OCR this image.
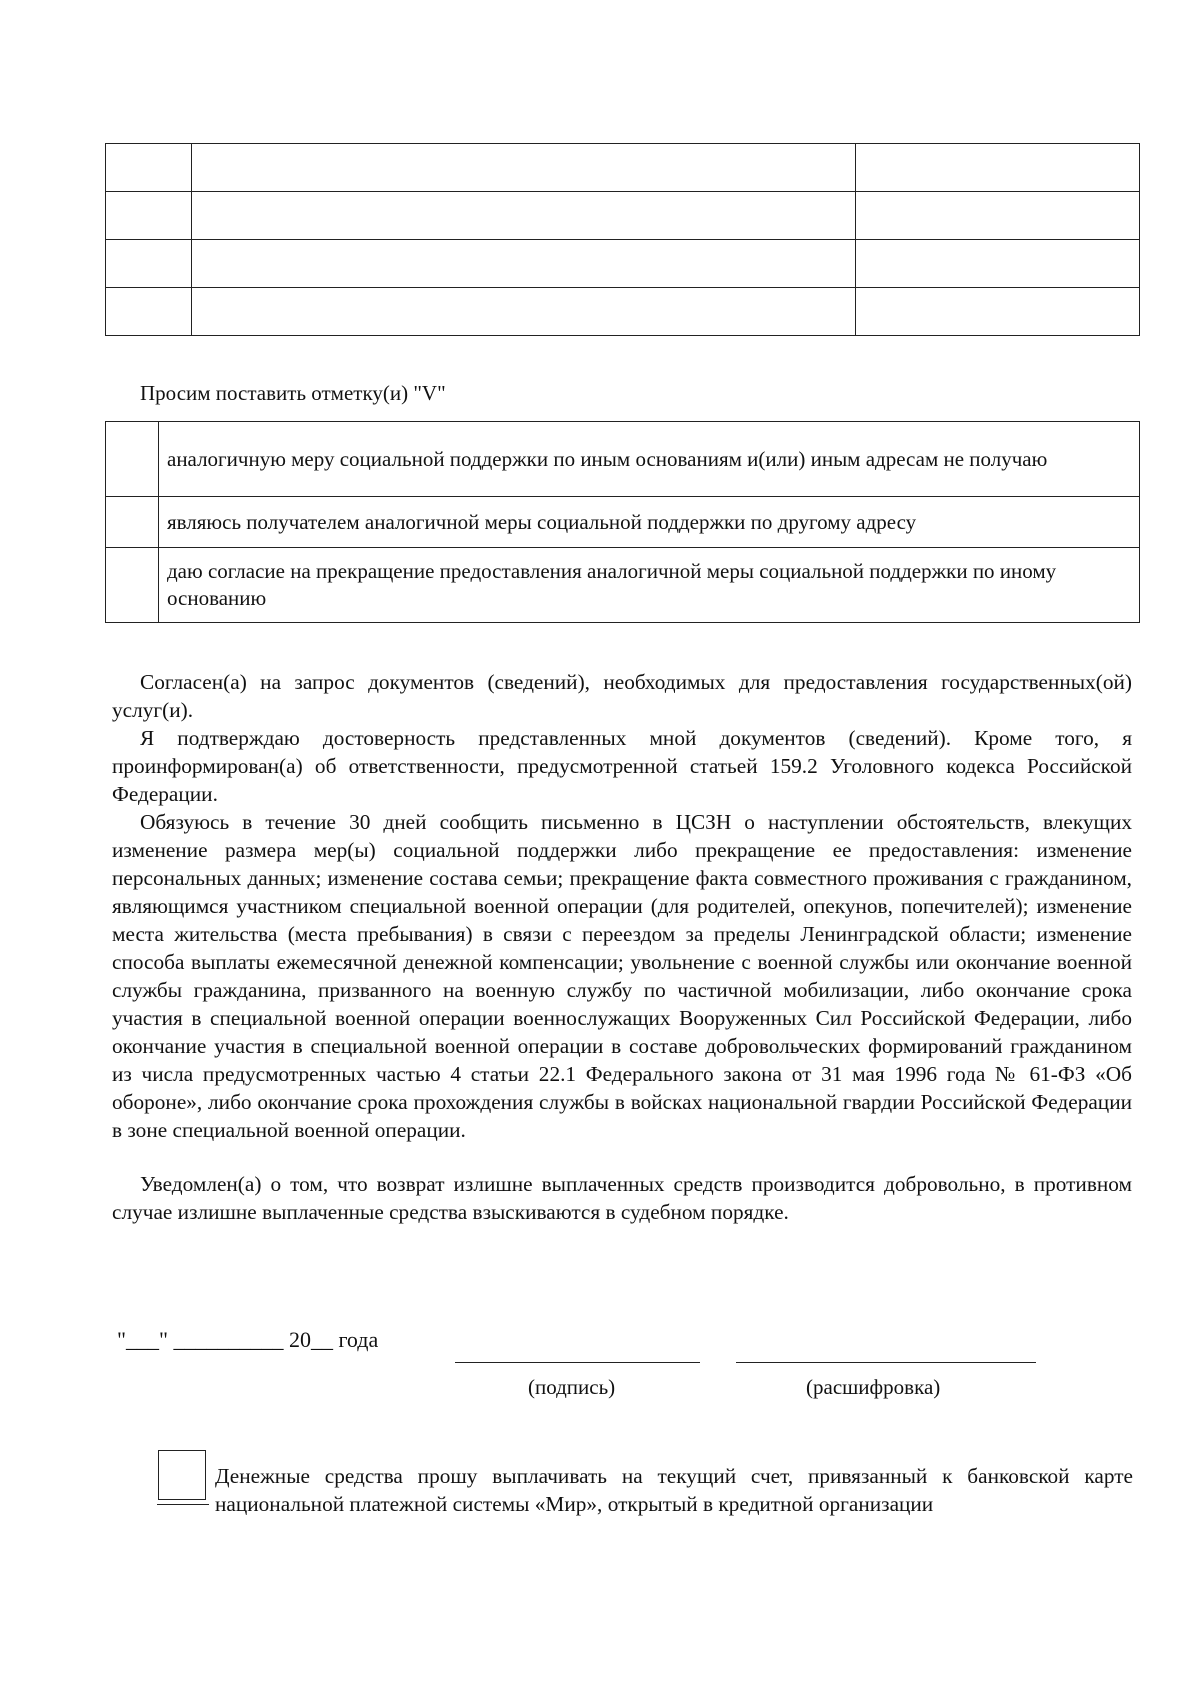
Просим поставить отметку(и) "V"
	аналогичную меру социальной поддержки по иным основаниям и(или) иным адресам не получаю
	являюсь получателем аналогичной меры социальной поддержки по другому адресу
	даю согласие на прекращение предоставления аналогичной меры социальной поддержки по иному основанию

Согласен(а) на запрос документов (сведений), необходимых для предоставления государственных(ой) услуг(и).

Я подтверждаю достоверность представленных мной документов (сведений). Кроме того, я проинформирован(а) об ответственности, предусмотренной статьей 159.2 Уголовного кодекса Российской Федерации.

Обязуюсь в течение 30 дней сообщить письменно в ЦСЗН о наступлении обстоятельств, влекущих изменение размера мер(ы) социальной поддержки либо прекращение ее предоставления: изменение персональных данных; изменение состава семьи; прекращение факта совместного проживания с гражданином, являющимся участником специальной военной операции (для родителей, опекунов, попечителей); изменение места жительства (места пребывания) в связи с переездом за пределы Ленинградской области; изменение способа выплаты ежемесячной денежной компенсации; увольнение с военной службы или окончание военной службы гражданина, призванного на военную службу по частичной мобилизации, либо окончание срока участия в специальной военной операции военнослужащих Вооруженных Сил Российской Федерации, либо окончание участия в специальной военной операции в составе добровольческих формирований гражданином из числа предусмотренных частью 4 статьи 22.1 Федерального закона от 31 мая 1996 года № 61-ФЗ «Об обороне», либо окончание срока прохождения службы в войсках национальной гвардии Российской Федерации в зоне специальной военной операции.

Уведомлен(а) о том, что возврат излишне выплаченных средств производится добровольно, в противном случае излишне выплаченные средства взыскиваются в судебном порядке.

"___" __________ 20__ года
(подпись)	(расшифровка)
Денежные средства прошу выплачивать на текущий счет, привязанный к банковской карте национальной платежной системы «Мир», открытый в кредитной организации
